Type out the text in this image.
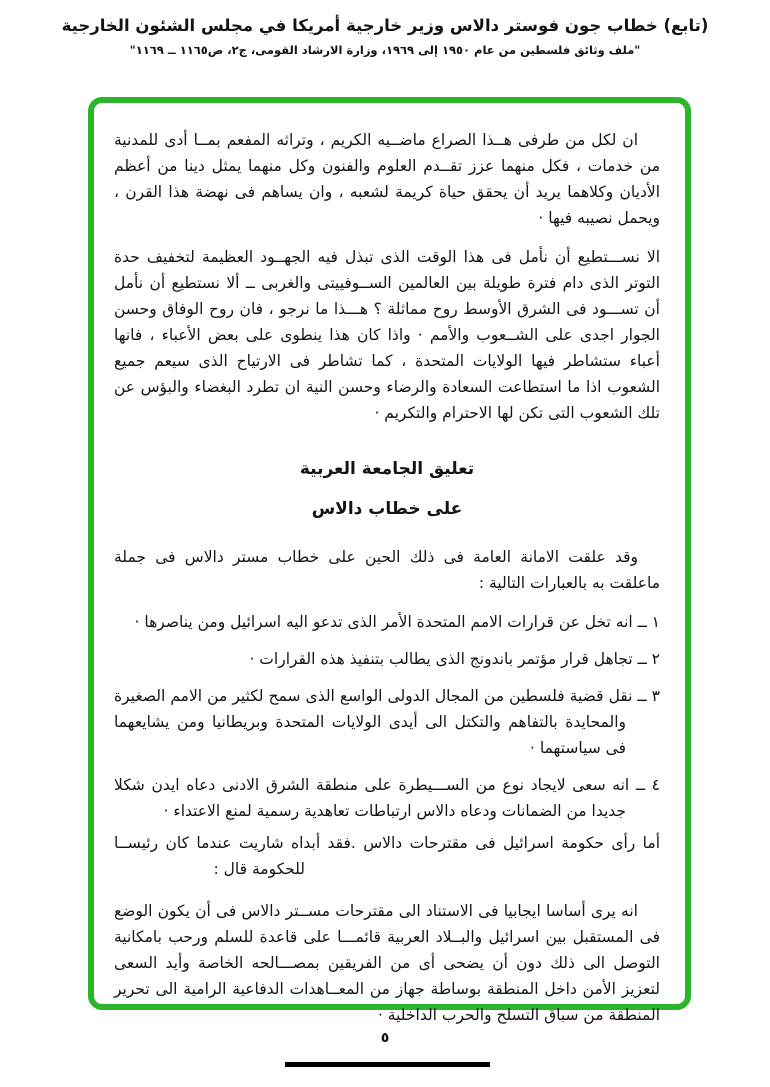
(تابع) خطاب جون فوستر دالاس وزير خارجية أمريكا في مجلس الشئون الخارجية
"ملف وثائق فلسطين من عام ١٩٥٠ إلى ١٩٦٩، وزارة الارشاد القومى، ج٢، ص١١٦٥ ــ ١١٦٩"

ان لكل من طرفى هــذا الصراع ماضــيه الكريم ، وتراثه المفعم بمــا أدى للمدنية من خدمات ، فكل منهما عزز تقــدم العلوم والفنون وكل منهما يمثل دينا من أعظم الأديان وكلاهما يريد أن يحقق حياة كريمة لشعبه ، وان يساهم فى نهضة هذا القرن ، ويحمل نصيبه فيها ·

الا نســـتطيع أن نأمل فى هذا الوقت الذى تبذل فيه الجهــود العظيمة لتخفيف حدة التوتر الذى دام فترة طويلة بين العالمين الســوفييتى والغربى ــ ألا نستطيع أن نأمل أن تســـود فى الشرق الأوسط روح مماثلة ؟ هـــذا ما نرجو ، فان روح الوفاق وحسن الجوار اجدى على الشــعوب والأمم · واذا كان هذا ينطوى على بعض الأعباء ، فانها أعباء ستشاطر فيها الولايات المتحدة ، كما تشاطر فى الارتياح الذى سيعم جميع الشعوب اذا ما استطاعت السعادة والرضاء وحسن النية ان تطرد البغضاء والبؤس عن تلك الشعوب التى تكن لها الاحترام والتكريم ·

تعليق الجامعة العربية
على خطاب دالاس

وقد علقت الامانة العامة فى ذلك الحين على خطاب مستر دالاس فى جملة ماعلقت به بالعبارات التالية :

١ ــ انه تخل عن قرارات الامم المتحدة الأمر الذى تدعو اليه اسرائيل ومن يناصرها ·
٢ ــ تجاهل قرار مؤتمر باندونج الذى يطالب بتنفيذ هذه القرارات ·
٣ ــ نقل قضية فلسطين من المجال الدولى الواسع الذى سمح لكثير من الامم الصغيرة والمحايدة بالتفاهم والتكتل الى أيدى الولايات المتحدة وبريطانيا ومن يشايعهما فى سياستهما ·
٤ ــ انه سعى لايجاد نوع من الســـيطرة على منطقة الشرق الادنى دعاه ايدن شكلا جديدا من الضمانات ودعاه دالاس ارتباطات تعاهدية رسمية لمنع الاعتداء ·
أما رأى حكومة اسرائيل فى مقترحات دالاس .فقد أبداه شاريت عندما كان رئيســا
للحكومة قال :

انه يرى أساسا ايجابيا فى الاستناد الى مقترحات مســتر دالاس فى أن يكون الوضع فى المستقبل بين اسرائيل والبــلاد العربية قائمـــا على قاعدة للسلم ورحب بامكانية التوصل الى ذلك دون أن يضحى أى من الفريقين بمصـــالحه الخاصة وأيد السعى لتعزيز الأمن داخل المنطقة بوساطة جهاز من المعــاهدات الدفاعية الرامية الى تحرير المنطقة من سباق التسلح والحرب الداخلية ·

٥
